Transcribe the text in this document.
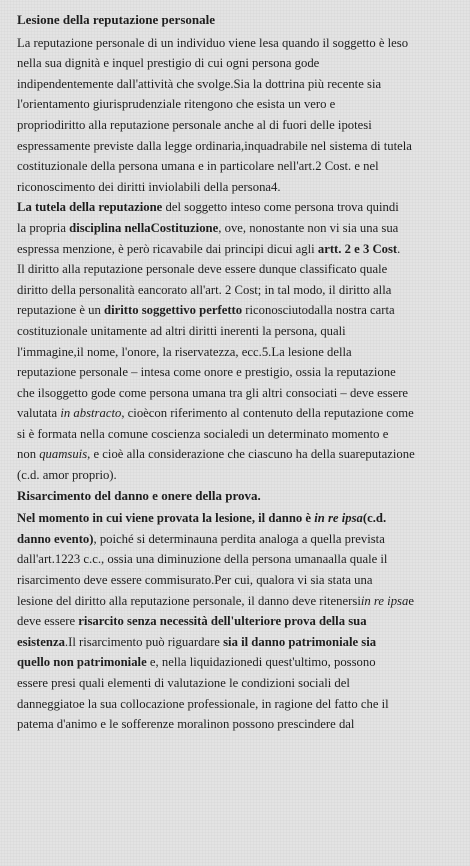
Lesione della reputazione personale
La reputazione personale di un individuo viene lesa quando il soggetto è leso
nella sua dignità e inquel prestigio di cui ogni persona gode
indipendentemente dall'attività che svolge.Sia la dottrina più recente sia
l'orientamento giurisprudenziale ritengono che esista un vero e
propriodiritto alla reputazione personale anche al di fuori delle ipotesi
espressamente previste dalla legge ordinaria,inquadrabile nel sistema di tutela
costituzionale della persona umana e in particolare nell'art.2 Cost. e nel
riconoscimento dei diritti inviolabili della persona4.
La tutela della reputazione del soggetto inteso come persona trova quindi
la propria disciplina nellaCostituzione, ove, nonostante non vi sia una sua
espressa menzione, è però ricavabile dai principi dicui agli artt. 2 e 3 Cost.
Il diritto alla reputazione personale deve essere dunque classificato quale
diritto della personalità eancorato all'art. 2 Cost; in tal modo, il diritto alla
reputazione è un diritto soggettivo perfetto riconosciutodalla nostra carta
costituzionale unitamente ad altri diritti inerenti la persona, quali
l'immagine,il nome, l'onore, la riservatezza, ecc.5.La lesione della
reputazione personale – intesa come onore e prestigio, ossia la reputazione
che ilsoggetto gode come persona umana tra gli altri consociati – deve essere
valutata in abstracto, cioècon riferimento al contenuto della reputazione come
si è formata nella comune coscienza socialedi un determinato momento e
non quamsuis, e cioè alla considerazione che ciascuno ha della suareputazione
(c.d. amor proprio).
Risarcimento del danno e onere della prova.
Nel momento in cui viene provata la lesione, il danno è in re ipsa(c.d.
danno evento), poiché si determinauna perdita analoga a quella prevista
dall'art.1223 c.c., ossia una diminuzione della persona umanaalla quale il
risarcimento deve essere commisurato.Per cui, qualora vi sia stata una
lesione del diritto alla reputazione personale, il danno deve ritenersiin re ipsae
deve essere risarcito senza necessità dell'ulteriore prova della sua
esistenza.Il risarcimento può riguardare sia il danno patrimoniale sia
quello non patrimoniale e, nella liquidazionedi quest'ultimo, possono
essere presi quali elementi di valutazione le condizioni sociali del
danneggiatoe la sua collocazione professionale, in ragione del fatto che il
patema d'animo e le sofferenze moralinon possono prescindere dal
